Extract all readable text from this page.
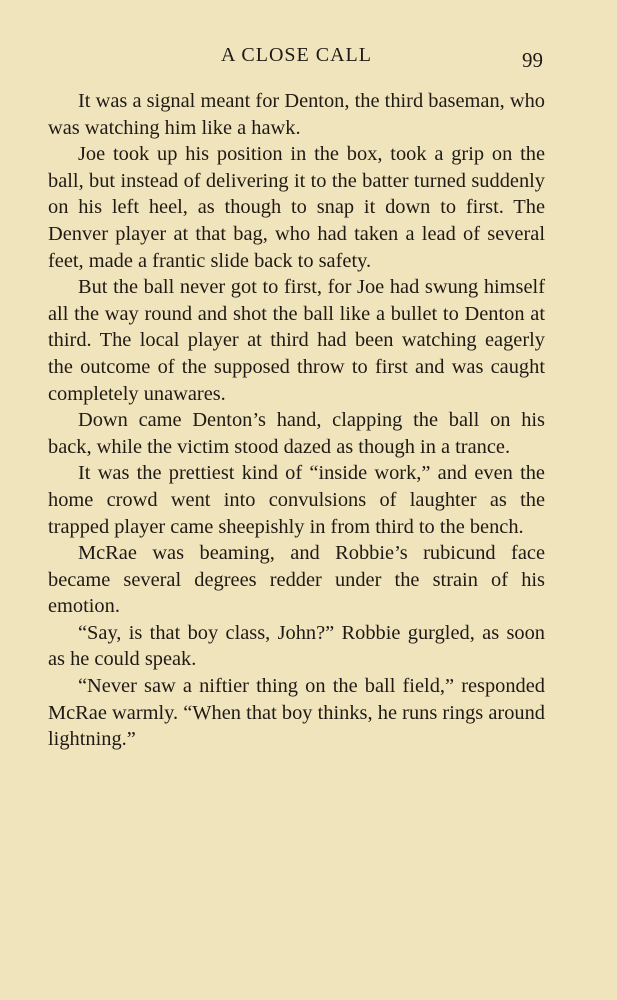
A CLOSE CALL	99

It was a signal meant for Denton, the third baseman, who was watching him like a hawk.

Joe took up his position in the box, took a grip on the ball, but instead of delivering it to the batter turned suddenly on his left heel, as though to snap it down to first. The Denver player at that bag, who had taken a lead of several feet, made a frantic slide back to safety.

But the ball never got to first, for Joe had swung himself all the way round and shot the ball like a bullet to Denton at third. The local player at third had been watching eagerly the outcome of the supposed throw to first and was caught completely unawares.

Down came Denton’s hand, clapping the ball on his back, while the victim stood dazed as though in a trance.

It was the prettiest kind of “inside work,” and even the home crowd went into convulsions of laughter as the trapped player came sheepishly in from third to the bench.

McRae was beaming, and Robbie’s rubicund face became several degrees redder under the strain of his emotion.

“Say, is that boy class, John?” Robbie gurgled, as soon as he could speak.

“Never saw a niftier thing on the ball field,” responded McRae warmly. “When that boy thinks, he runs rings around lightning.”
